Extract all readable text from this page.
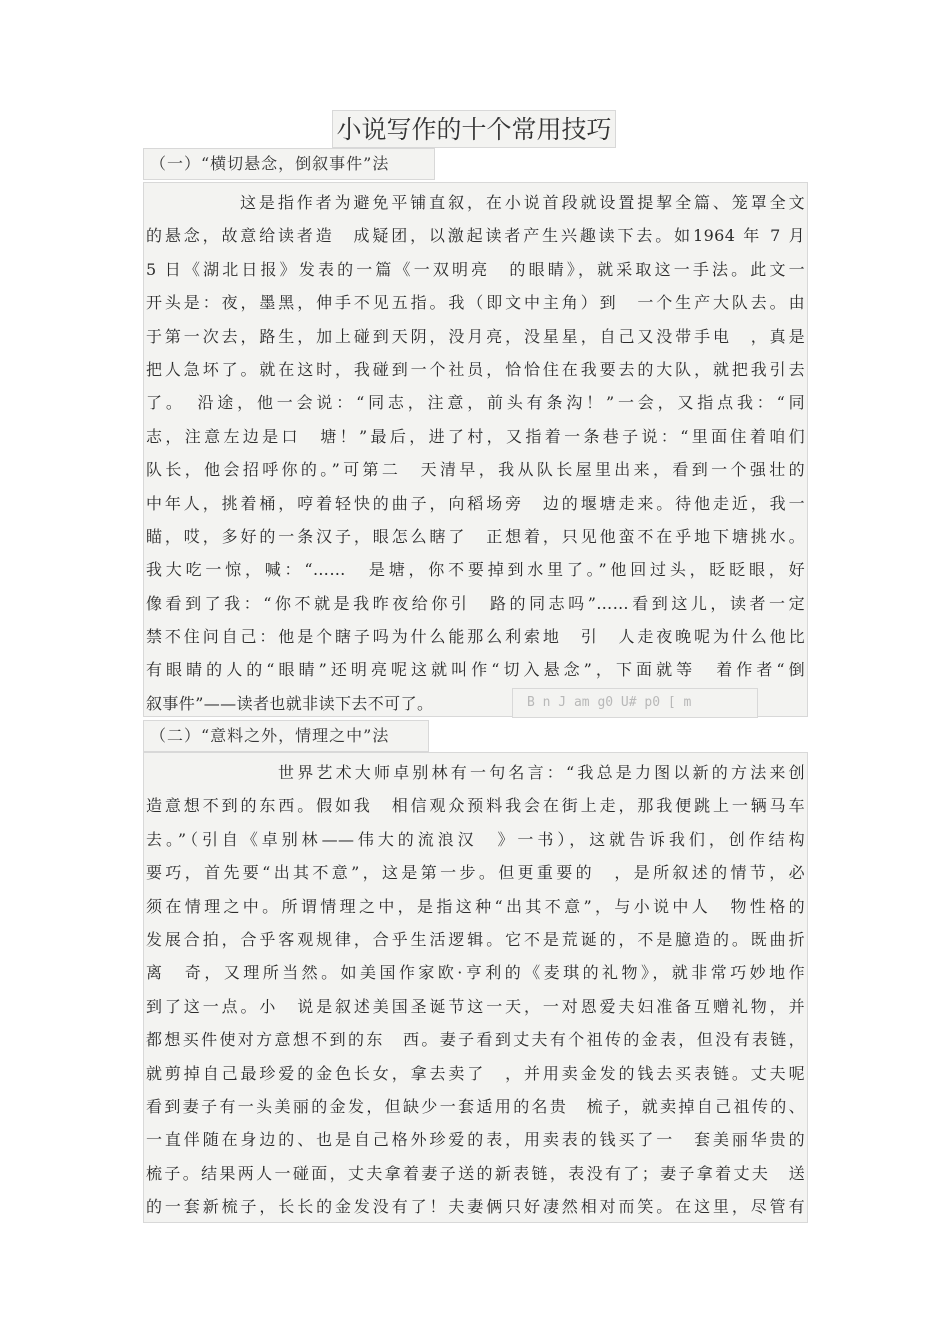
小说写作的十个常用技巧
（一）“横切悬念，倒叙事件”法
这是指作者为避免平铺直叙，在小说首段就设置提挈全篇、笼罩全文
的悬念，故意给读者造　成疑团，以激起读者产生兴趣读下去。如1964 年 7 月
5 日《湖北日报》发表的一篇《一双明亮　的眼睛》，就采取这一手法。此文一
开头是：夜，墨黑，伸手不见五指。我（即文中主角）到　一个生产大队去。由
于第一次去，路生，加上碰到天阴，没月亮，没星星，自己又没带手电　，真是
把人急坏了。就在这时，我碰到一个社员，恰恰住在我要去的大队，就把我引去
了。　沿途，他一会说：“同志，注意，前头有条沟！”一会，又指点我：“同
志，注意左边是口　塘！”最后，进了村，又指着一条巷子说：“里面住着咱们
队长，他会招呼你的。”可第二　天清早，我从队长屋里出来，看到一个强壮的
中年人，挑着桶，哼着轻快的曲子，向稻场旁　边的堰塘走来。待他走近，我一
瞄，哎，多好的一条汉子，眼怎么瞎了　正想着，只见他蛮不在乎地下塘挑水。
我大吃一惊，喊：“……　是塘，你不要掉到水里了。”他回过头，眨眨眼，好
像看到了我：“你不就是我昨夜给你引　路的同志吗”……看到这儿，读者一定
禁不住问自己：他是个瞎子吗为什么能那么利索地　引　人走夜晚呢为什么他比
有眼睛的人的“眼睛”还明亮呢这就叫作“切入悬念”，下面就等　着作者“倒
叙事件”——读者也就非读下去不可了。	B n J am g0 U# p0 [ m
（二）“意料之外，情理之中”法
世界艺术大师卓别林有一句名言：“我总是力图以新的方法来创
造意想不到的东西。假如我　相信观众预料我会在街上走，那我便跳上一辆马车
去。”（引自《卓别林——伟大的流浪汉　》一书），这就告诉我们，创作结构
要巧，首先要“出其不意”，这是第一步。但更重要的　，是所叙述的情节，必
须在情理之中。所谓情理之中，是指这种“出其不意”，与小说中人　物性格的
发展合拍，合乎客观规律，合乎生活逻辑。它不是荒诞的，不是臆造的。既曲折
离　奇，又理所当然。如美国作家欧·亨利的《麦琪的礼物》，就非常巧妙地作
到了这一点。小　说是叙述美国圣诞节这一天，一对恩爱夫妇准备互赠礼物，并
都想买件使对方意想不到的东　西。妻子看到丈夫有个祖传的金表，但没有表链，
就剪掉自己最珍爱的金色长女，拿去卖了　，并用卖金发的钱去买表链。丈夫呢
看到妻子有一头美丽的金发，但缺少一套适用的名贵　梳子，就卖掉自己祖传的、
一直伴随在身边的、也是自己格外珍爱的表，用卖表的钱买了一　套美丽华贵的
梳子。结果两人一碰面，丈夫拿着妻子送的新表链，表没有了；妻子拿着丈夫　送
的一套新梳子，长长的金发没有了！夫妻俩只好凄然相对而笑。在这里，尽管有
